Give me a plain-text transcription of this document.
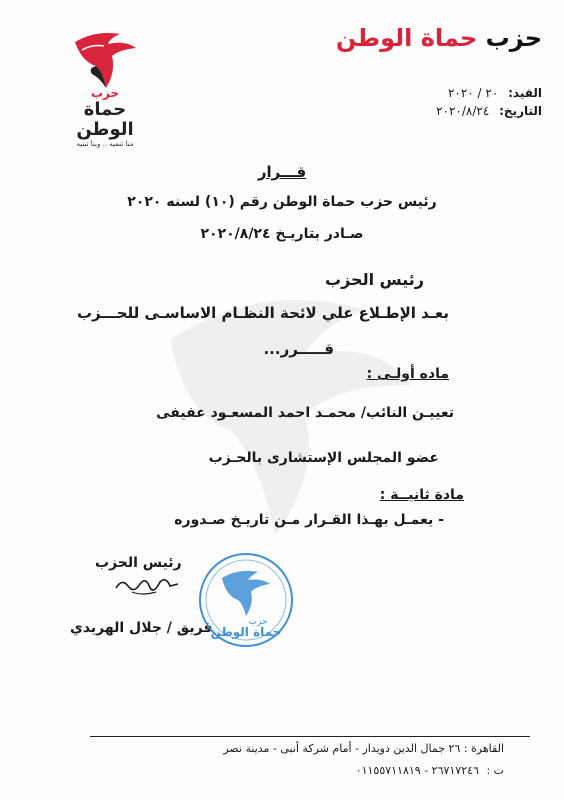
حزب حماة الوطن
حزب
حماة الوطن
منا تنميه .. وبنا تبنيه
القيد: ٢٠ / ٢٠٢٠
التاريخ: ٢٠٢٠/٨/٢٤
قـــرار
رئيس حزب حماة الوطن رقم (١٠) لسنه ٢٠٢٠
صـادر بتاريـخ ٢٠٢٠/٨/٢٤
رئيس الحزب
بعـد الإطـلاع علي لائحة النظـام الاساسـى للحـــزب
قـــــرر...
ماده أولـى :
تعييـن النائب/ محمـد احمد المسعـود عفيفى
عضو المجلس الإستشارى بالحـزب
مادة ثانيــة :
- يعمـل بهـذا القـرار مـن تاريـخ صـدوره
رئيس الحزب
فريق / جلال الهريدي	حزب
حماة الوطن
القاهرة : ٢٦ جمال الدين دويدار - أمام شركة أنبى - مدينة نصر
ت : ٢٦٧١٧٢٤٦ - ٠١١٥٥٧١١٨١٩
